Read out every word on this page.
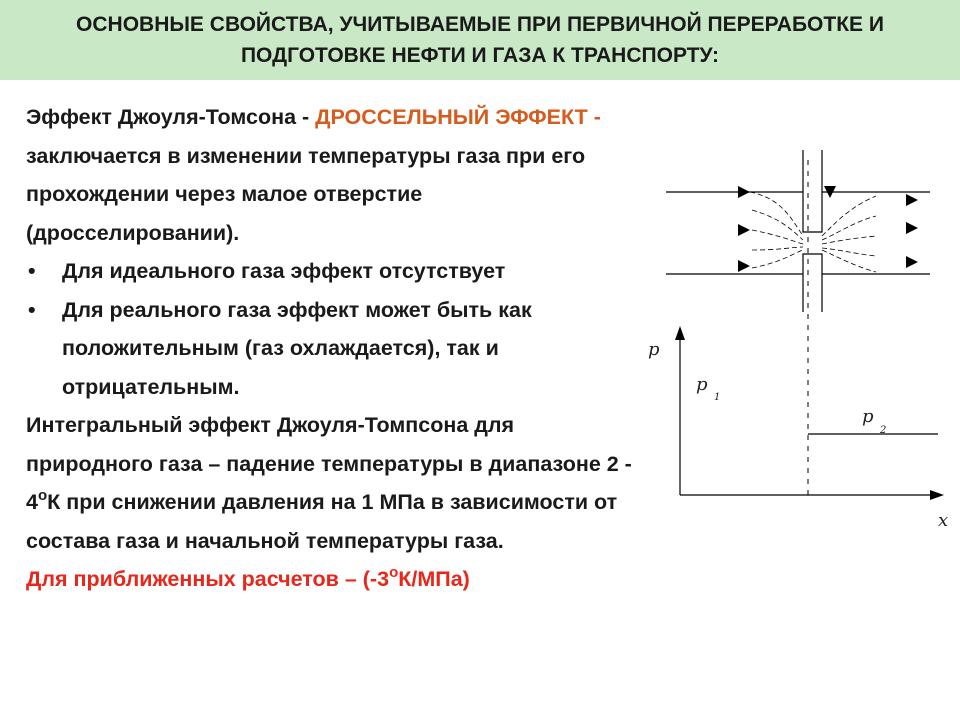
ОСНОВНЫЕ СВОЙСТВА, УЧИТЫВАЕМЫЕ ПРИ ПЕРВИЧНОЙ ПЕРЕРАБОТКЕ И
ПОДГОТОВКЕ НЕФТИ И ГАЗА К ТРАНСПОРТУ:

Эффект Джоуля-Томсона - ДРОССЕЛЬНЫЙ ЭФФЕКТ - заключается в изменении температуры газа при его прохождении через малое отверстие (дросселировании).

•	Для идеального газа эффект отсутствует
•	Для реального газа эффект может быть как положительным (газ охлаждается), так и отрицательным.

Интегральный эффект Джоуля-Томпсона для природного газа – падение температуры в диапазоне $2 - 4^оК$ при снижении давления на 1 МПа в зависимости от состава газа и начальной температуры газа.

Для приближенных расчетов – $(-3^оК/МПа)$

p
x
p
1
p
2
